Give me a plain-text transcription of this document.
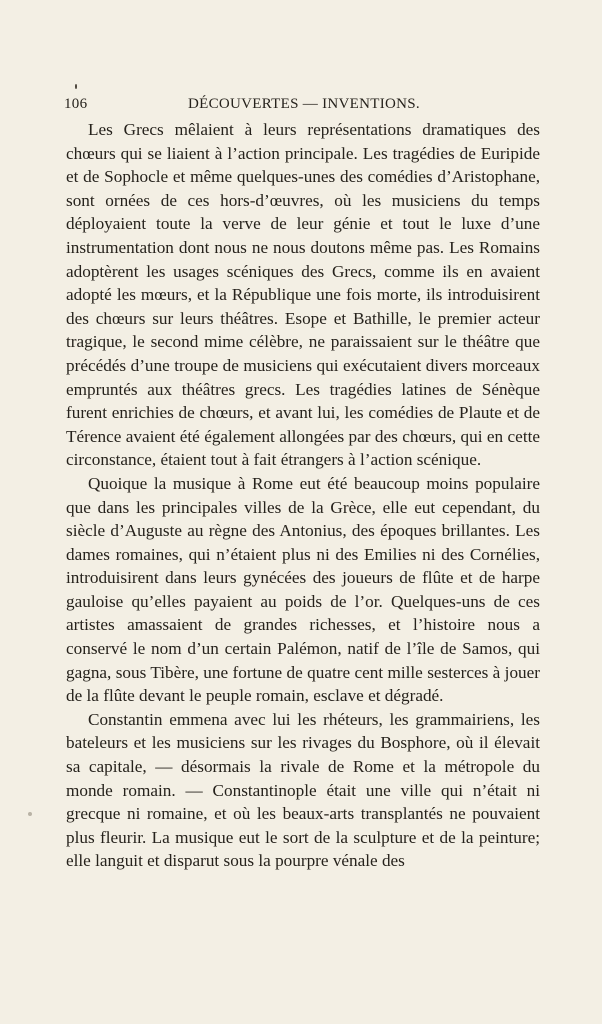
106	DÉCOUVERTES — INVENTIONS.

Les Grecs mêlaient à leurs représentations dramatiques des chœurs qui se liaient à l’action principale. Les tragédies de Euripide et de Sophocle et même quelques-unes des comédies d’Aristophane, sont ornées de ces hors-d’œuvres, où les musiciens du temps déployaient toute la verve de leur génie et tout le luxe d’une instrumentation dont nous ne nous doutons même pas. Les Romains adoptèrent les usages scéniques des Grecs, comme ils en avaient adopté les mœurs, et la République une fois morte, ils introduisirent des chœurs sur leurs théâtres. Esope et Bathille, le premier acteur tragique, le second mime célèbre, ne paraissaient sur le théâtre que précédés d’une troupe de musiciens qui exécutaient divers morceaux empruntés aux théâtres grecs. Les tragédies latines de Sénèque furent enrichies de chœurs, et avant lui, les comédies de Plaute et de Térence avaient été également allongées par des chœurs, qui en cette circonstance, étaient tout à fait étrangers à l’action scénique.

Quoique la musique à Rome eut été beaucoup moins populaire que dans les principales villes de la Grèce, elle eut cependant, du siècle d’Auguste au règne des Antonius, des époques brillantes. Les dames romaines, qui n’étaient plus ni des Emilies ni des Cornélies, introduisirent dans leurs gynécées des joueurs de flûte et de harpe gauloise qu’elles payaient au poids de l’or. Quelques-uns de ces artistes amassaient de grandes richesses, et l’histoire nous a conservé le nom d’un certain Palémon, natif de l’île de Samos, qui gagna, sous Tibère, une fortune de quatre cent mille sesterces à jouer de la flûte devant le peuple romain, esclave et dégradé.

Constantin emmena avec lui les rhéteurs, les grammairiens, les bateleurs et les musiciens sur les rivages du Bosphore, où il élevait sa capitale, — désormais la rivale de Rome et la métropole du monde romain. — Constantinople était une ville qui n’était ni grecque ni romaine, et où les beaux-arts transplantés ne pouvaient plus fleurir. La musique eut le sort de la sculpture et de la peinture; elle languit et disparut sous la pourpre vénale des
